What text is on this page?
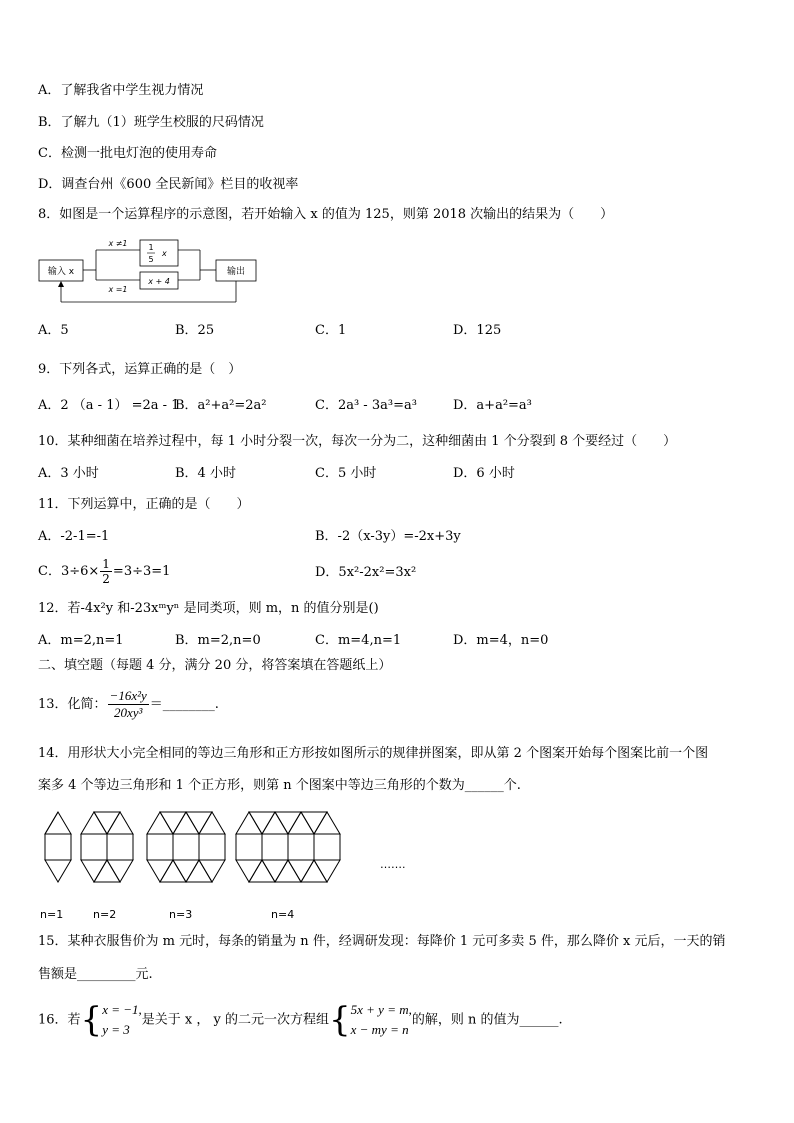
A．了解我省中学生视力情况
B．了解九（1）班学生校服的尺码情况
C．检测一批电灯泡的使用寿命
D．调查台州《600 全民新闻》栏目的收视率
8．如图是一个运算程序的示意图，若开始输入 x 的值为 125，则第 2018 次输出的结果为（　　）
输入 x	输出
x ≠1
x =1
1
5
x
x + 4
A．5	B．25	C．1	D．125
9．下列各式，运算正确的是（　）
A．2 （a - 1） =2a - 1
B．a²+a²=2a²	C．2a³ - 3a³=a³	D．a+a²=a³
10．某种细菌在培养过程中，每 1 小时分裂一次，每次一分为二，这种细菌由 1 个分裂到 8 个要经过（　　）
A．3 小时	B．4 小时	C．5 小时	D．6 小时
11．下列运算中，正确的是（　　）
A．-2-1=-1	B．-2（x-3y）=-2x+3y
C．$3\div 6\times \frac{1}{2} =3\div 3=1$	D．5x²-2x²=3x²
12．若-4x²y 和-23xᵐyⁿ 是同类项，则 m，n 的值分别是()
A．m=2,n=1	B．m=2,n=0	C．m=4,n=1	D．m=4，n=0
二、填空题（每题 4 分，满分 20 分，将答案填在答题纸上）
13．化简： $\frac{\text{−16x²y}}{\text{20xy³}}$ ＝________.
14．用形状大小完全相同的等边三角形和正方形按如图所示的规律拼图案，即从第 2 个图案开始每个图案比前一个图
案多 4 个等边三角形和 1 个正方形，则第 n 个图案中等边三角形的个数为______个.
…….
n=1	n=2	n=3	n=4
15．某种衣服售价为 m 元时，每条的销量为 n 件，经调研发现：每降价 1 元可多卖 5 件，那么降价 x 元后，一天的销
售额是_________元.
16．若{ x = −1,
y = 3
是关于 x ， y 的二元一次方程组{ 5x + y = m,
x − my = n
的解，则 n 的值为______.
